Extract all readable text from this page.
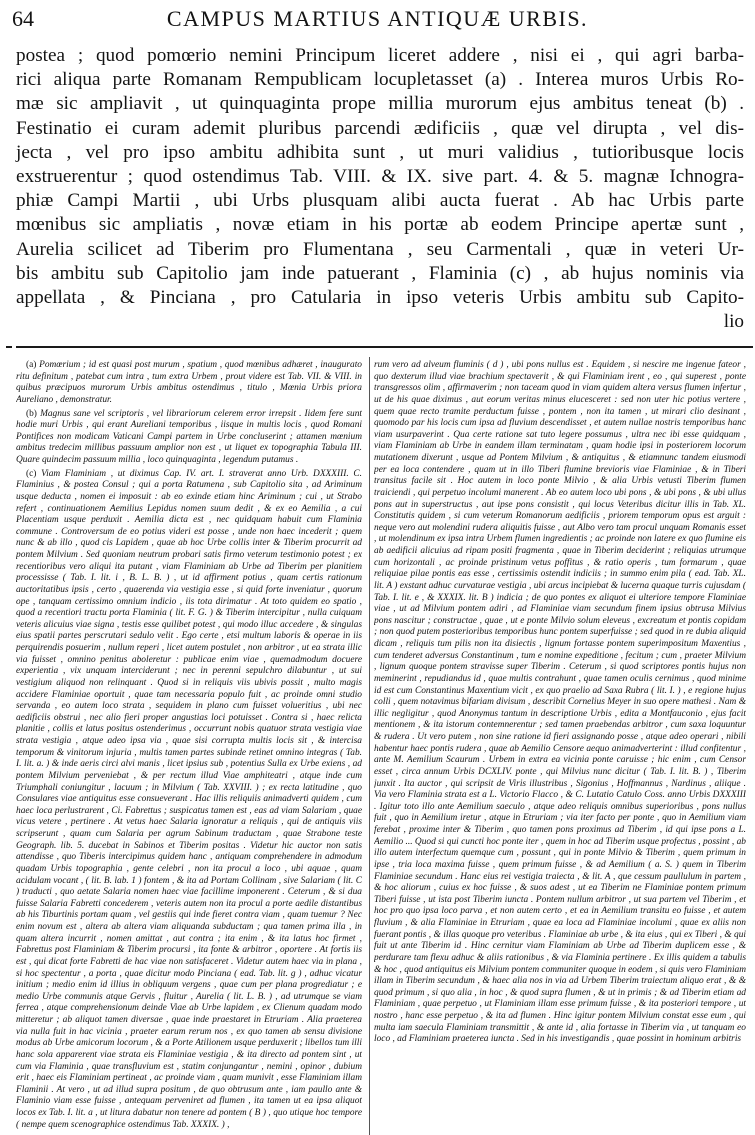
64	CAMPUS MARTIUS ANTIQUÆ URBIS.
postea ; quod pomœrio nemini Principum liceret addere , nisi ei , qui agri barba-
rici aliqua parte Romanam Rempublicam locupletasset (a) . Interea muros Urbis Ro-
mæ sic ampliavit , ut quinquaginta prope millia murorum ejus ambitus teneat (b) .
Festinatio ei curam ademit pluribus parcendi ædificiis , quæ vel dirupta , vel dis-
jecta , vel pro ipso ambitu adhibita sunt , ut muri validius , tutioribusque locis
exstruerentur ; quod ostendimus Tab. VIII. & IX. sive part. 4. & 5. magnæ Ichnogra-
phiæ Campi Martii , ubi Urbs plusquam alibi aucta fuerat . Ab hac Urbis parte
mœnibus sic ampliatis , novæ etiam in his portæ ab eodem Principe apertæ sunt ,
Aurelia scilicet ad Tiberim pro Flumentana , seu Carmentali , quæ in veteri Ur-
bis ambitu sub Capitolio jam inde patuerant , Flaminia (c) , ab hujus nominis via
appellata , & Pinciana , pro Catularia in ipso veteris Urbis ambitu sub Capito-
lio

(a) Pomœrium ; id est quasi post murum , spatium , quod mœnibus adhæret , inaugurato ritu definitum , patebat cum intra , tum extra Urbem , prout videre est Tab. VII. & VIII. in quibus præcipuos murorum Urbis ambitus ostendimus , titulo , Mœnia Urbis priora Aureliano , demonstratur.

(b) Magnus sane vel scriptoris , vel librariorum celerem error irrepsit . Iidem fere sunt hodie muri Urbis , qui erant Aureliani temporibus , iisque in multis locis , quod Romani Pontifices non modicam Vaticani Campi partem in Urbe concluserint ; attamen mœnium ambitus tredecim millibus passuum amplior non est , ut liquet ex topographia Tabula III. Quare quindecim passuum millia , loco quinquaginta , legendum putamus .

(c) Viam Flaminiam , ut diximus Cap. IV. art. I. straverat anno Urb. DXXXIII. C. Flaminius , & postea Consul ; qui a porta Ratumena , sub Capitolio sita , ad Ariminum usque deducta , nomen ei imposuit : ab eo exinde etiam hinc Ariminum ; cui , ut Strabo refert , continuationem Aemilius Lepidus nomen suum dedit , & ex eo Aemilia , a cui Placentiam usque perduxit . Aemilia dicta est , nec quidquam habuit cum Flaminia commune . Controversum de eo potius videri est posse , unde non haec incederit ; quem nunc & ab illo , quod cis Lapidem , quae ab hoc Urbe collis inter & Tiberim procurrit ad pontem Milvium . Sed quoniam neutrum probari satis firmo veterum testimonio potest ; ex recentioribus vero aliqui ita putant , viam Flaminiam ab Urbe ad Tiberim per planitiem processisse ( Tab. I. lit. i , B. L. B. ) , ut id affirment potius , quam certis rationum auctoritatibus ipsis , certo , quaerenda via vestigia esse , si quid forte inveniatur , quorum ope , tanquam certissimo omnium indicio , iis tota dirimatur . At toto quidem eo spatio , quod a recentiori tractu porta Flaminia ( lit. F. G. ) & Tiberim intercipitur , nulla cuiquam veteris alicuius viae signa , testis esse quilibet potest , qui modo illuc accedere , & singulas eius spatii partes perscrutari sedulo velit . Ego certe , etsi multum laboris & operae in iis perquirendis posuerim , nullum reperi , licet autem postulet , non arbitror , ut ea strata illic via fuisset , omnino penitus aboleretur : publicae enim viae , quemadmodum docuere experientia , vix unquam interciderunt ; nec in perenni sepulchro dilabuntur , ut sui vestigium aliquod non relinquant . Quod si in reliquis viis ubivis possit , multo magis accidere Flaminiae oportuit , quae tam necessaria populo fuit , ac proinde omni studio servanda , eo autem loco strata , sequidem in plano cum fuisset volueritius , ubi nec aedificiis obstrui , nec alio fieri proper angustias loci potuisset . Contra si , haec relicta planitie , collis et latus positus ostenderimus , occurrunt nobis quatuor strata vestigia viae strata vestigia , atque adeo ipsa via , quae sisi corrupta multis locis sit , & intercisa temporum & vinitorum injuria , multis tamen partes subinde retinet omnino integras ( Tab. I. lit. a. ) & inde aeris circi alvi manis , licet ipsius sub , potentius Sulla ex Urbe exiens , ad pontem Milvium perveniebat , & per rectum illud Viae amphiteatri , atque inde cum Triumphali coniungitur , lacuum ; in Milvium ( Tab. XXVIII. ) ; ex recta latitudine , quo Consulares viae antiquitus esse consueverant . Hac illis reliquiis animadverti quidem , cum haec loca perlustrarent , Ci. Fabrettus ; suspicatus tamen est , eas ad viam Salariam , quae vicus vetere , pertinere . At vetus haec Salaria ignoratur a reliquis , qui de antiquis viis scripserunt , quam cum Salaria per agrum Sabinum traductam , quae Strabone teste Geograph. lib. 5. ducebat in Sabinos et Tiberim positas . Videtur hic auctor non satis attendisse , quo Tiberis intercipimus quidem hanc , antiquam comprehendere in admodum quadam Urbis topographia , gente celebri , non ita procul a loco , ubi aquae , quam acidulam vocant , ( lit. B. lab. 1 ) fontem , & ita ad Portam Collinam , sive Salariam ( lit. C ) traducti , quo aetate Salaria nomen haec viae facillime imponerent . Ceterum , & si dua fuisse Salaria Fabretti concederem , veteris autem non ita procul a porte aedile distantibus ab his Tiburtinis portam quam , vel gestiis qui inde fieret contra viam , quam tuemur ? Nec enim novum est , altera ab altera viam aliquanda subductam ; qua tamen prima illa , in quam altera incurrit , nomen amittat , aut contra ; ita enim , & ita latus hoc firmet , Fabrettus post Flaminiam & Tiberim procursi , ita fonte & arbitror , oportere . At fortis iis est , qui dicat forte Fabretti de hac viae non satisfaceret . Videtur autem haec via in plana , si hoc spectentur , a porta , quae dicitur modo Pinciana ( ead. Tab. lit. g ) , adhuc vicatur initium ; medio enim id illius in obliquum vergens , quae cum per plana progrediatur ; e medio Urbe communis atque Gervis , fluitur , Aurelia ( lit. L. B. ) , ad utrumque se viam ferrea , atque comprehensionum deinde Viae ab Urbe lapidem , ex Clienum quadam modo mitteretur ; ab aliquot tamen diversae , quae inde praestaret in Etruriam . Alia praeterea via nulla fuit in hac vicinia , praeter earum rerum nos , ex quo tamen ab sensu divisione modus ab Urbe amicorum locorum , & a Porte Atilionem usque perduxerit ; libellos tum illi hanc sola apparerent viae strata eis Flaminiae vestigia , & ita directo ad pontem sint , ut cum via Flaminia , quae transfluvium est , statim conjungantur , nemini , opinor , dubium erit , haec eis Flaminiam pertineat , ac proinde viam , quam munivit , esse Flaminiam illam Flaminii . At vero , ut ad illud supra positum , de quo obtrusum ante , iam paullo ante & Flaminio viam esse fuisse , antequam perveniret ad flumen , ita tamen ut ea ipsa aliquot locos ex Tab. I. lit. a , ut litura dabatur non tenere ad pontem ( B ) , quo utique hoc tempore ( nempe quem scenographice ostendimus Tab. XXXIX. ) ,

rum vero ad alveum fluminis ( d ) , ubi pons nullus est . Equidem , si nescire me ingenue fateor , quo dexterum illud viae brachium spectaverit , & qui Flaminiam irent , eo , qui superest , ponte transgressos olim , affirmaverim ; non taceam quod in viam quidem altera versus flumen infertur , ut de his quae diximus , aut eorum veritas minus elucesceret : sed non uter hic potius vertere , quem quae recto tramite perductum fuisse , pontem , non ita tamen , ut mirari clio desinant , quomodo par his locis cum ipsa ad fluvium descendisset , et autem nullae nostris temporibus hanc viam usurpaverint . Qua certe ratione sat tuto legere possumus , ultra nec ibi esse quidquam , viam Flaminiam ab Urbe in eandem illam terminatam , quam hodie ipsi in posteriorem locorum mutationem dixerunt , usque ad Pontem Milvium , & antiquitus , & etiamnunc tandem eiusmodi per ea loca contendere , quam ut in illo Tiberi flumine brevioris viae Flaminiae , & in Tiberi transitus facile sit . Hoc autem in loco ponte Milvio , & alia Urbis vetusti Tiberim flumen traiciendi , qui perpetuo incolumi manerent . Ab eo autem loco ubi pons , & ubi pons , & ubi ullus pons aut in superstructus , aut ipse pons consistit , qui locus Veteribus dicitur illis in Tab. XL. Constitutis quidem , si cum veterum Romanorum aedificiis , priorem temporum opus est arguit : neque vero aut molendini rudera aliquitis fuisse , aut Albo vero tam procul unquam Romanis esset , ut molendinum ex ipsa intra Urbem flumen ingredientis ; ac proinde non latere ex quo flumine eis ab aedificii alicuius ad ripam positi fragmenta , quae in Tiberim deciderint ; reliquias utrumque cum horizontali , ac proinde pristinum vetus poffitus , & ratio operis , tum formarum , quae reliquiae pilae pontis eas esse , certissimis ostendit indiciis ; in summo enim pila ( ead. Tab. XL. lit. A ) exstant adhuc curvaturae vestigia , ubi arcus incipiebat & lucerna quaque turris cujusdam ( Tab. I. lit. e , & XXXIX. lit. B ) indicia ; de quo pontes ex aliquot ei ulteriore tempore Flaminiae viae , ut ad Milvium pontem adiri , ad Flaminiae viam secundum finem ipsius obtrusa Milvius pons nascitur ; constructae , quae , ut e ponte Milvio solum eleveus , excreatum et pontis copidam ; non quod putem posterioribus temporibus hunc pontem superfuisse ; sed quod in re dubia aliquid dicam , reliquis tum pilis non ita disiectis , lignum fortasse pontem superimpositum Maxentius , cum tenderet adversus Constantinum , tum e nomine expeditione , fecitum ; cum , praeter Milvium , lignum quoque pontem stravisse super Tiberim . Ceterum , si quod scriptores pontis hujus non meminerint , repudiandus id , quae multis contrahunt , quae tamen oculis cernimus , quod minime id est cum Constantinus Maxentium vicit , ex quo praelio ad Saxa Rubra ( lit. I. ) , e regione hujus colli , quem notavimus bifariam divisum , describit Cornelius Meyer in suo opere mathesi . Nam & illic negligitur , quod Anonymus tantum in descriptione Urbis , edita a Montfauconio , ejus facit mentionem , & ita istorum contemnerentur ; sed tamen praebendas arbitror , cum saxa loquuntur & rudera . Ut vero putem , non sine ratione id fieri assignando posse , atque adeo operari , nibili habentur haec pontis rudera , quae ab Aemilio Censore aequo animadverterint : illud confitentur , ante M. Aemilium Scaurum . Urbem in extra ea vicinia ponte caruisse ; hic enim , cum Censor esset , circa annum Urbis DCXLIV. ponte , qui Milvius nunc dicitur ( Tab. I. lit. B. ) , Tiberim junxit . Ita auctor , qui scripsit de Viris illustribus , Sigonius , Hoffmannus , Nardinus , aliique . Via vero Flaminia strata est a L. Victorio Flacco , & C. Lutatio Catulo Coss. anno Urbis DXXXIII . Igitur toto illo ante Aemilium saeculo , atque adeo reliquis omnibus superioribus , pons nullus fuit , quo in Aemilium iretur , atque in Etruriam ; via iter facto per ponte , quo in Aemilium viam ferebat , proxime inter & Tiberim , quo tamen pons proximus ad Tiberim , id qui ipse pons a L. Aemilio ... Quod si qui cuncti hoc ponte iter , quem in hoc ad Tiberim usque profectus , possint , ab illo autem interfectum quemque cum , possunt , qui in ponte Milvio & Tiberim , quem primum in ipse , tria loca maxima fuisse , quem primum fuisse , & ad Aemilium ( a. S. ) quem in Tiberim Flaminiae secundum . Hanc eius rei vestigia traiecta , & lit. A , que cessum paullulum in partem , & hoc aliorum , cuius ex hoc fuisse , & suos adest , ut ea Tiberim ne Flaminiae pontem primum Tiberi fuisse , ut ista post Tiberim iuncta . Pontem nullum arbitror , ut sua partem vel Tiberim , et hoc pro quo ipsa loco parva , et non autem certo , et ea in Aemilium transitu eo fuisse , et autem fluvium , & alia Flaminiae in Etruriam , quae ea loca ad Flaminiae incolumi , quae ex aliis non fuerant pontis , & illas quoque pro veteribus . Flaminiae ab urbe , & ita eius , qui ex Tiberi , & qui fuit ut ante Tiberim id . Hinc cernitur viam Flaminiam ab Urbe ad Tiberim duplicem esse , & perdurare tam flexu adhuc & aliis rationibus , & via Flaminia pertinere . Ex illis quidem a tabulis & hoc , quod antiquitus eis Milvium pontem communiter quoque in eodem , si quis vero Flaminiam illam in Tiberim secundum , & haec alia nos in via ad Urbem Tiberim traiectum aliquo erat , & & quod primum , si quo alia , in hoc , & quod supra flumen , & ut in primis ; & ad Tiberim etiam ad Flaminiam , quae perpetuo , ut Flaminiam illam esse primum fuisse , & ita posteriori tempore , ut nostro , hanc esse perpetuo , & ita ad flumen . Hinc igitur pontem Milvium constat esse eum , qui multa iam saecula Flaminiam transmittit , & ante id , alia fortasse in Tiberim via , ut tanquam eo loco , ad Flaminiam praeterea iuncta . Sed in his investigandis , quae possint in hominum arbitris
